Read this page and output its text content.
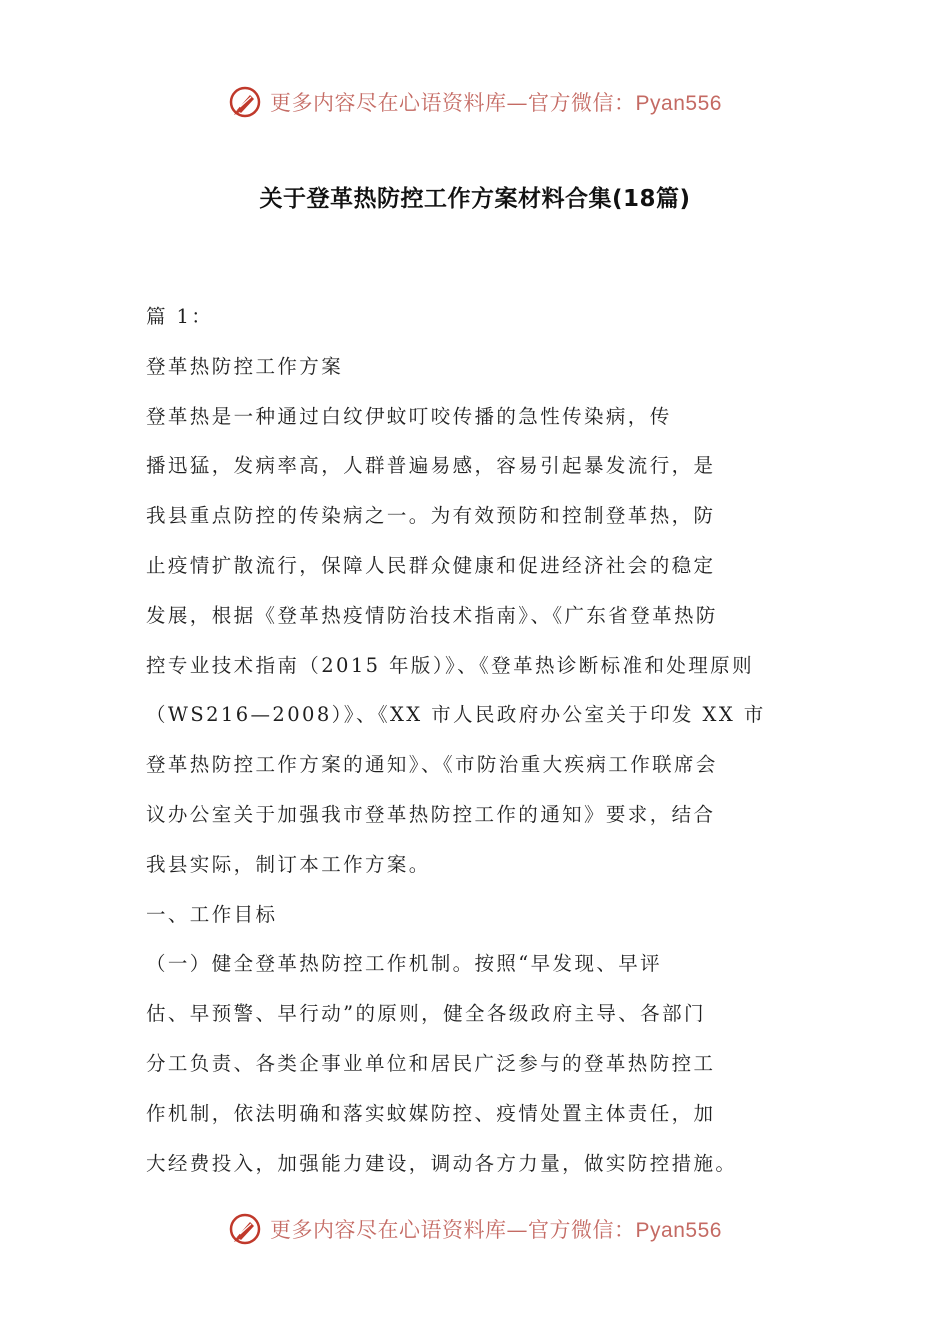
更多内容尽在心语资料库—官方微信：Pyan556
关于登革热防控工作方案材料合集(18篇)
篇 1：
登革热防控工作方案
登革热是一种通过白纹伊蚊叮咬传播的急性传染病，传
播迅猛，发病率高，人群普遍易感，容易引起暴发流行，是
我县重点防控的传染病之一。为有效预防和控制登革热，防
止疫情扩散流行，保障人民群众健康和促进经济社会的稳定
发展，根据《登革热疫情防治技术指南》、《广东省登革热防
控专业技术指南（2015 年版）》、《登革热诊断标准和处理原则
（WS216—2008）》、《XX 市人民政府办公室关于印发 XX 市
登革热防控工作方案的通知》、《市防治重大疾病工作联席会
议办公室关于加强我市登革热防控工作的通知》要求，结合
我县实际，制订本工作方案。
一、工作目标
（一）健全登革热防控工作机制。按照“早发现、早评
估、早预警、早行动”的原则，健全各级政府主导、各部门
分工负责、各类企事业单位和居民广泛参与的登革热防控工
作机制，依法明确和落实蚊媒防控、疫情处置主体责任，加
大经费投入，加强能力建设，调动各方力量，做实防控措施。
更多内容尽在心语资料库—官方微信：Pyan556
